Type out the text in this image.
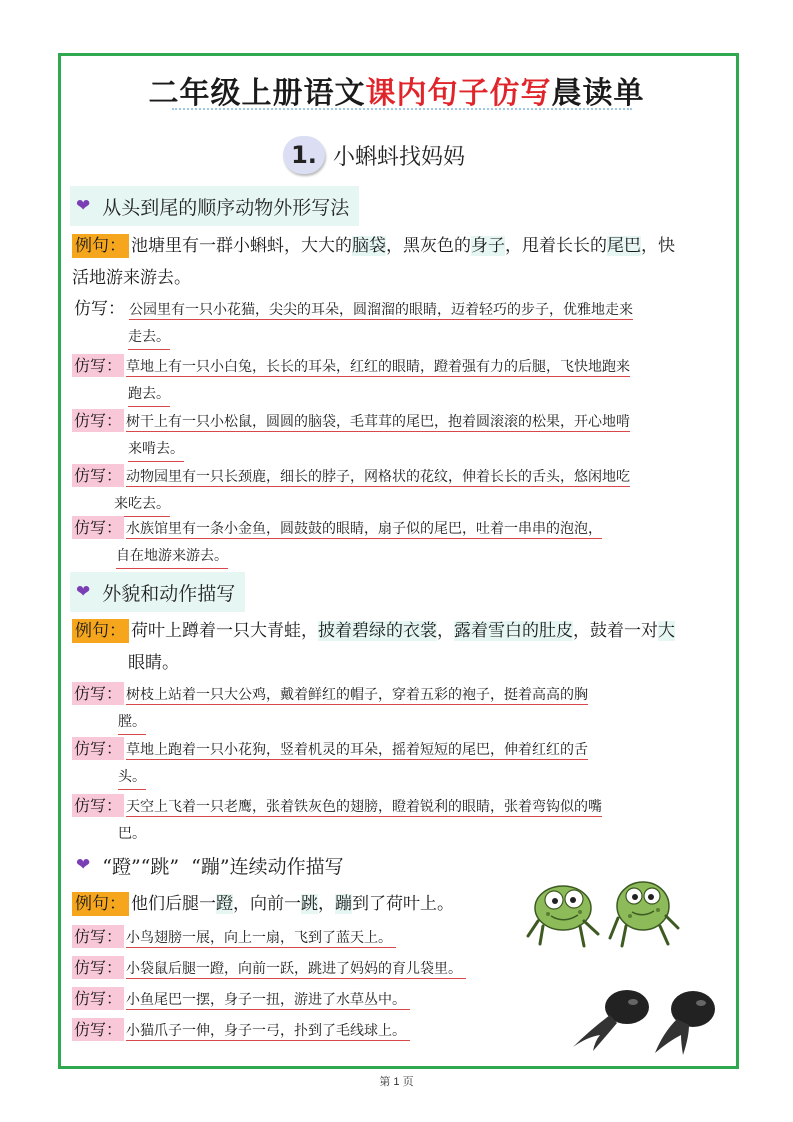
二年级上册语文课内句子仿写晨读单
1. 小蝌蚪找妈妈
❤ 从头到尾的顺序动物外形写法
例句： 池塘里有一群小蝌蚪，大大的脑袋，黑灰色的身子，甩着长长的尾巴，快
活地游来游去。
仿写： 公园里有一只小花猫，尖尖的耳朵，圆溜溜的眼睛，迈着轻巧的步子，优雅地走来
走去。
仿写： 草地上有一只小白兔，长长的耳朵，红红的眼睛，蹬着强有力的后腿，飞快地跑来
跑去。
仿写： 树干上有一只小松鼠，圆圆的脑袋，毛茸茸的尾巴，抱着圆滚滚的松果，开心地啃
来啃去。
仿写： 动物园里有一只长颈鹿，细长的脖子，网格状的花纹，伸着长长的舌头，悠闲地吃
来吃去。
仿写： 水族馆里有一条小金鱼，圆鼓鼓的眼睛，扇子似的尾巴，吐着一串串的泡泡，
自在地游来游去。
❤ 外貌和动作描写
例句： 荷叶上蹲着一只大青蛙，披着碧绿的衣裳，露着雪白的肚皮，鼓着一对大
眼睛。
仿写： 树枝上站着一只大公鸡，戴着鲜红的帽子，穿着五彩的袍子，挺着高高的胸
膛。
仿写： 草地上跑着一只小花狗，竖着机灵的耳朵，摇着短短的尾巴，伸着红红的舌
头。
仿写： 天空上飞着一只老鹰，张着铁灰色的翅膀，瞪着锐利的眼睛，张着弯钩似的嘴
巴。
❤ “蹬”“跳”  “蹦”连续动作描写
例句： 他们后腿一蹬，向前一跳，蹦到了荷叶上。
仿写： 小鸟翅膀一展，向上一扇，飞到了蓝天上。
仿写： 小袋鼠后腿一蹬，向前一跃，跳进了妈妈的育儿袋里。
仿写： 小鱼尾巴一摆，身子一扭，游进了水草丛中。
仿写： 小猫爪子一伸，身子一弓，扑到了毛线球上。
第 1 页
